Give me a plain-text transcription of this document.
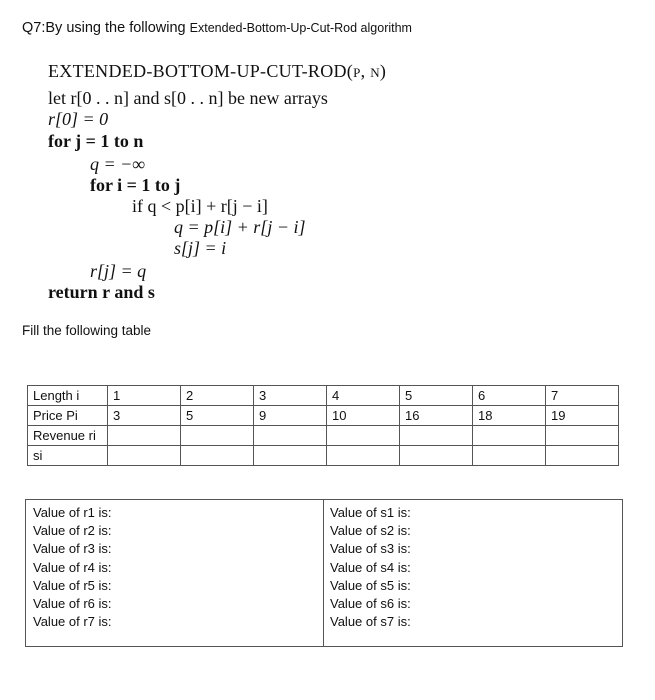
Q7:By using the following Extended-Bottom-Up-Cut-Rod algorithm
EXTENDED-BOTTOM-UP-CUT-ROD(p, n)
let r[0 . . n] and s[0 . . n] be new arrays
r[0] = 0
for j = 1 to n
q = −∞
for i = 1 to j
if q < p[i] + r[j − i]
q = p[i] + r[j − i]
s[j] = i
r[j] = q
return r and s
Fill the following table
Length i	1	2	3	4	5	6	7
Price Pi	3	5	9	10	16	18	19
Revenue ri							
si							
Value of r1 is:
Value of r2 is:
Value of r3 is:
Value of r4 is:
Value of r5 is:
Value of r6 is:
Value of r7 is:
Value of s1 is:
Value of s2 is:
Value of s3 is:
Value of s4 is:
Value of s5 is:
Value of s6 is:
Value of s7 is:
